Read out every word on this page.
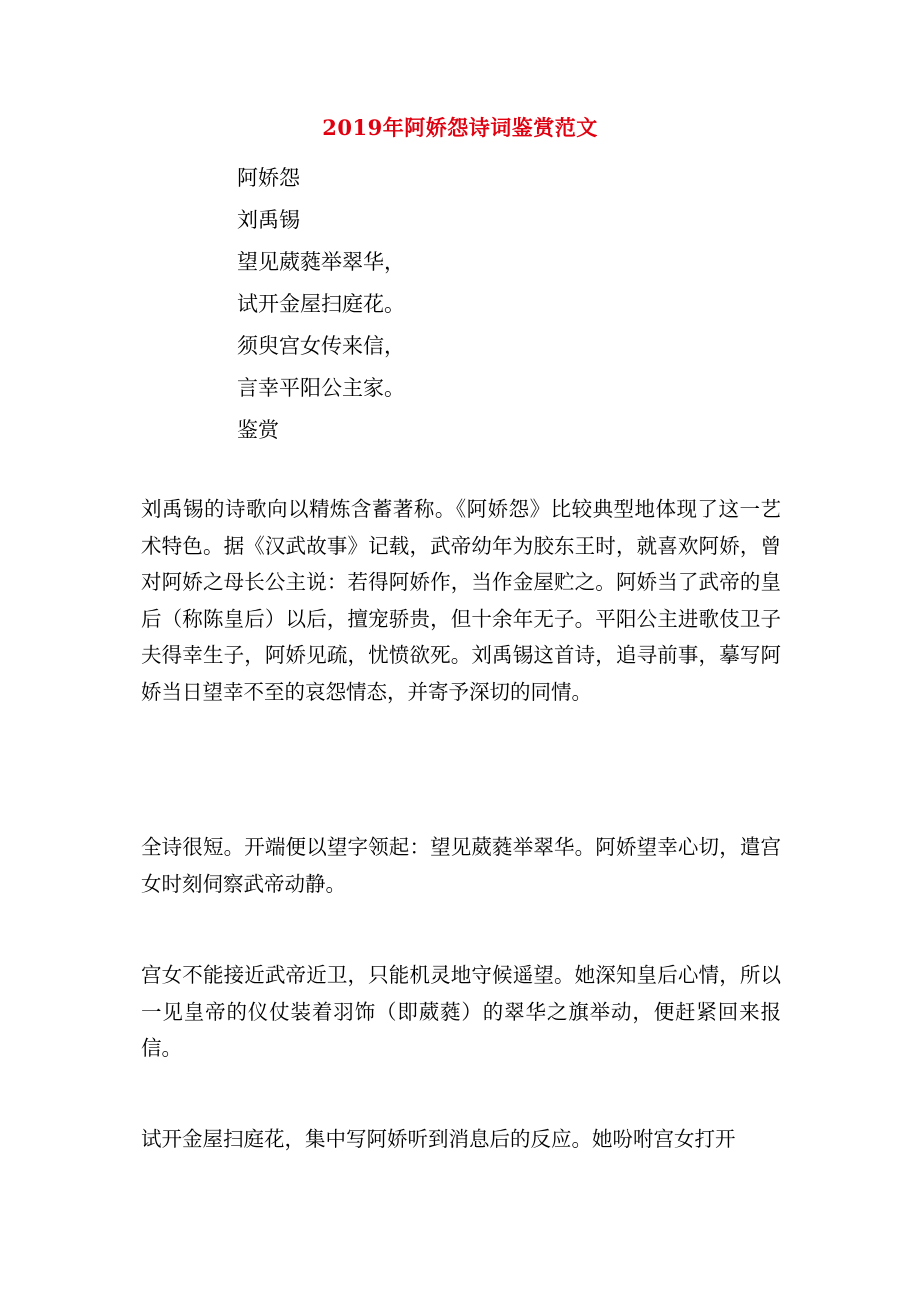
2019年阿娇怨诗词鉴赏范文
阿娇怨
刘禹锡
望见葳蕤举翠华，
试开金屋扫庭花。
须臾宫女传来信，
言幸平阳公主家。
鉴赏

刘禹锡的诗歌向以精炼含蓄著称。《阿娇怨》比较典型地体现了这一艺术特色。据《汉武故事》记载，武帝幼年为胶东王时，就喜欢阿娇，曾对阿娇之母长公主说：若得阿娇作，当作金屋贮之。阿娇当了武帝的皇后（称陈皇后）以后，擅宠骄贵，但十余年无子。平阳公主进歌伎卫子夫得幸生子，阿娇见疏，忧愤欲死。刘禹锡这首诗，追寻前事，摹写阿娇当日望幸不至的哀怨情态，并寄予深切的同情。

全诗很短。开端便以望字领起：望见葳蕤举翠华。阿娇望幸心切，遣宫女时刻伺察武帝动静。

宫女不能接近武帝近卫，只能机灵地守候遥望。她深知皇后心情，所以一见皇帝的仪仗装着羽饰（即葳蕤）的翠华之旗举动，便赶紧回来报信。

试开金屋扫庭花，集中写阿娇听到消息后的反应。她吩咐宫女打开
